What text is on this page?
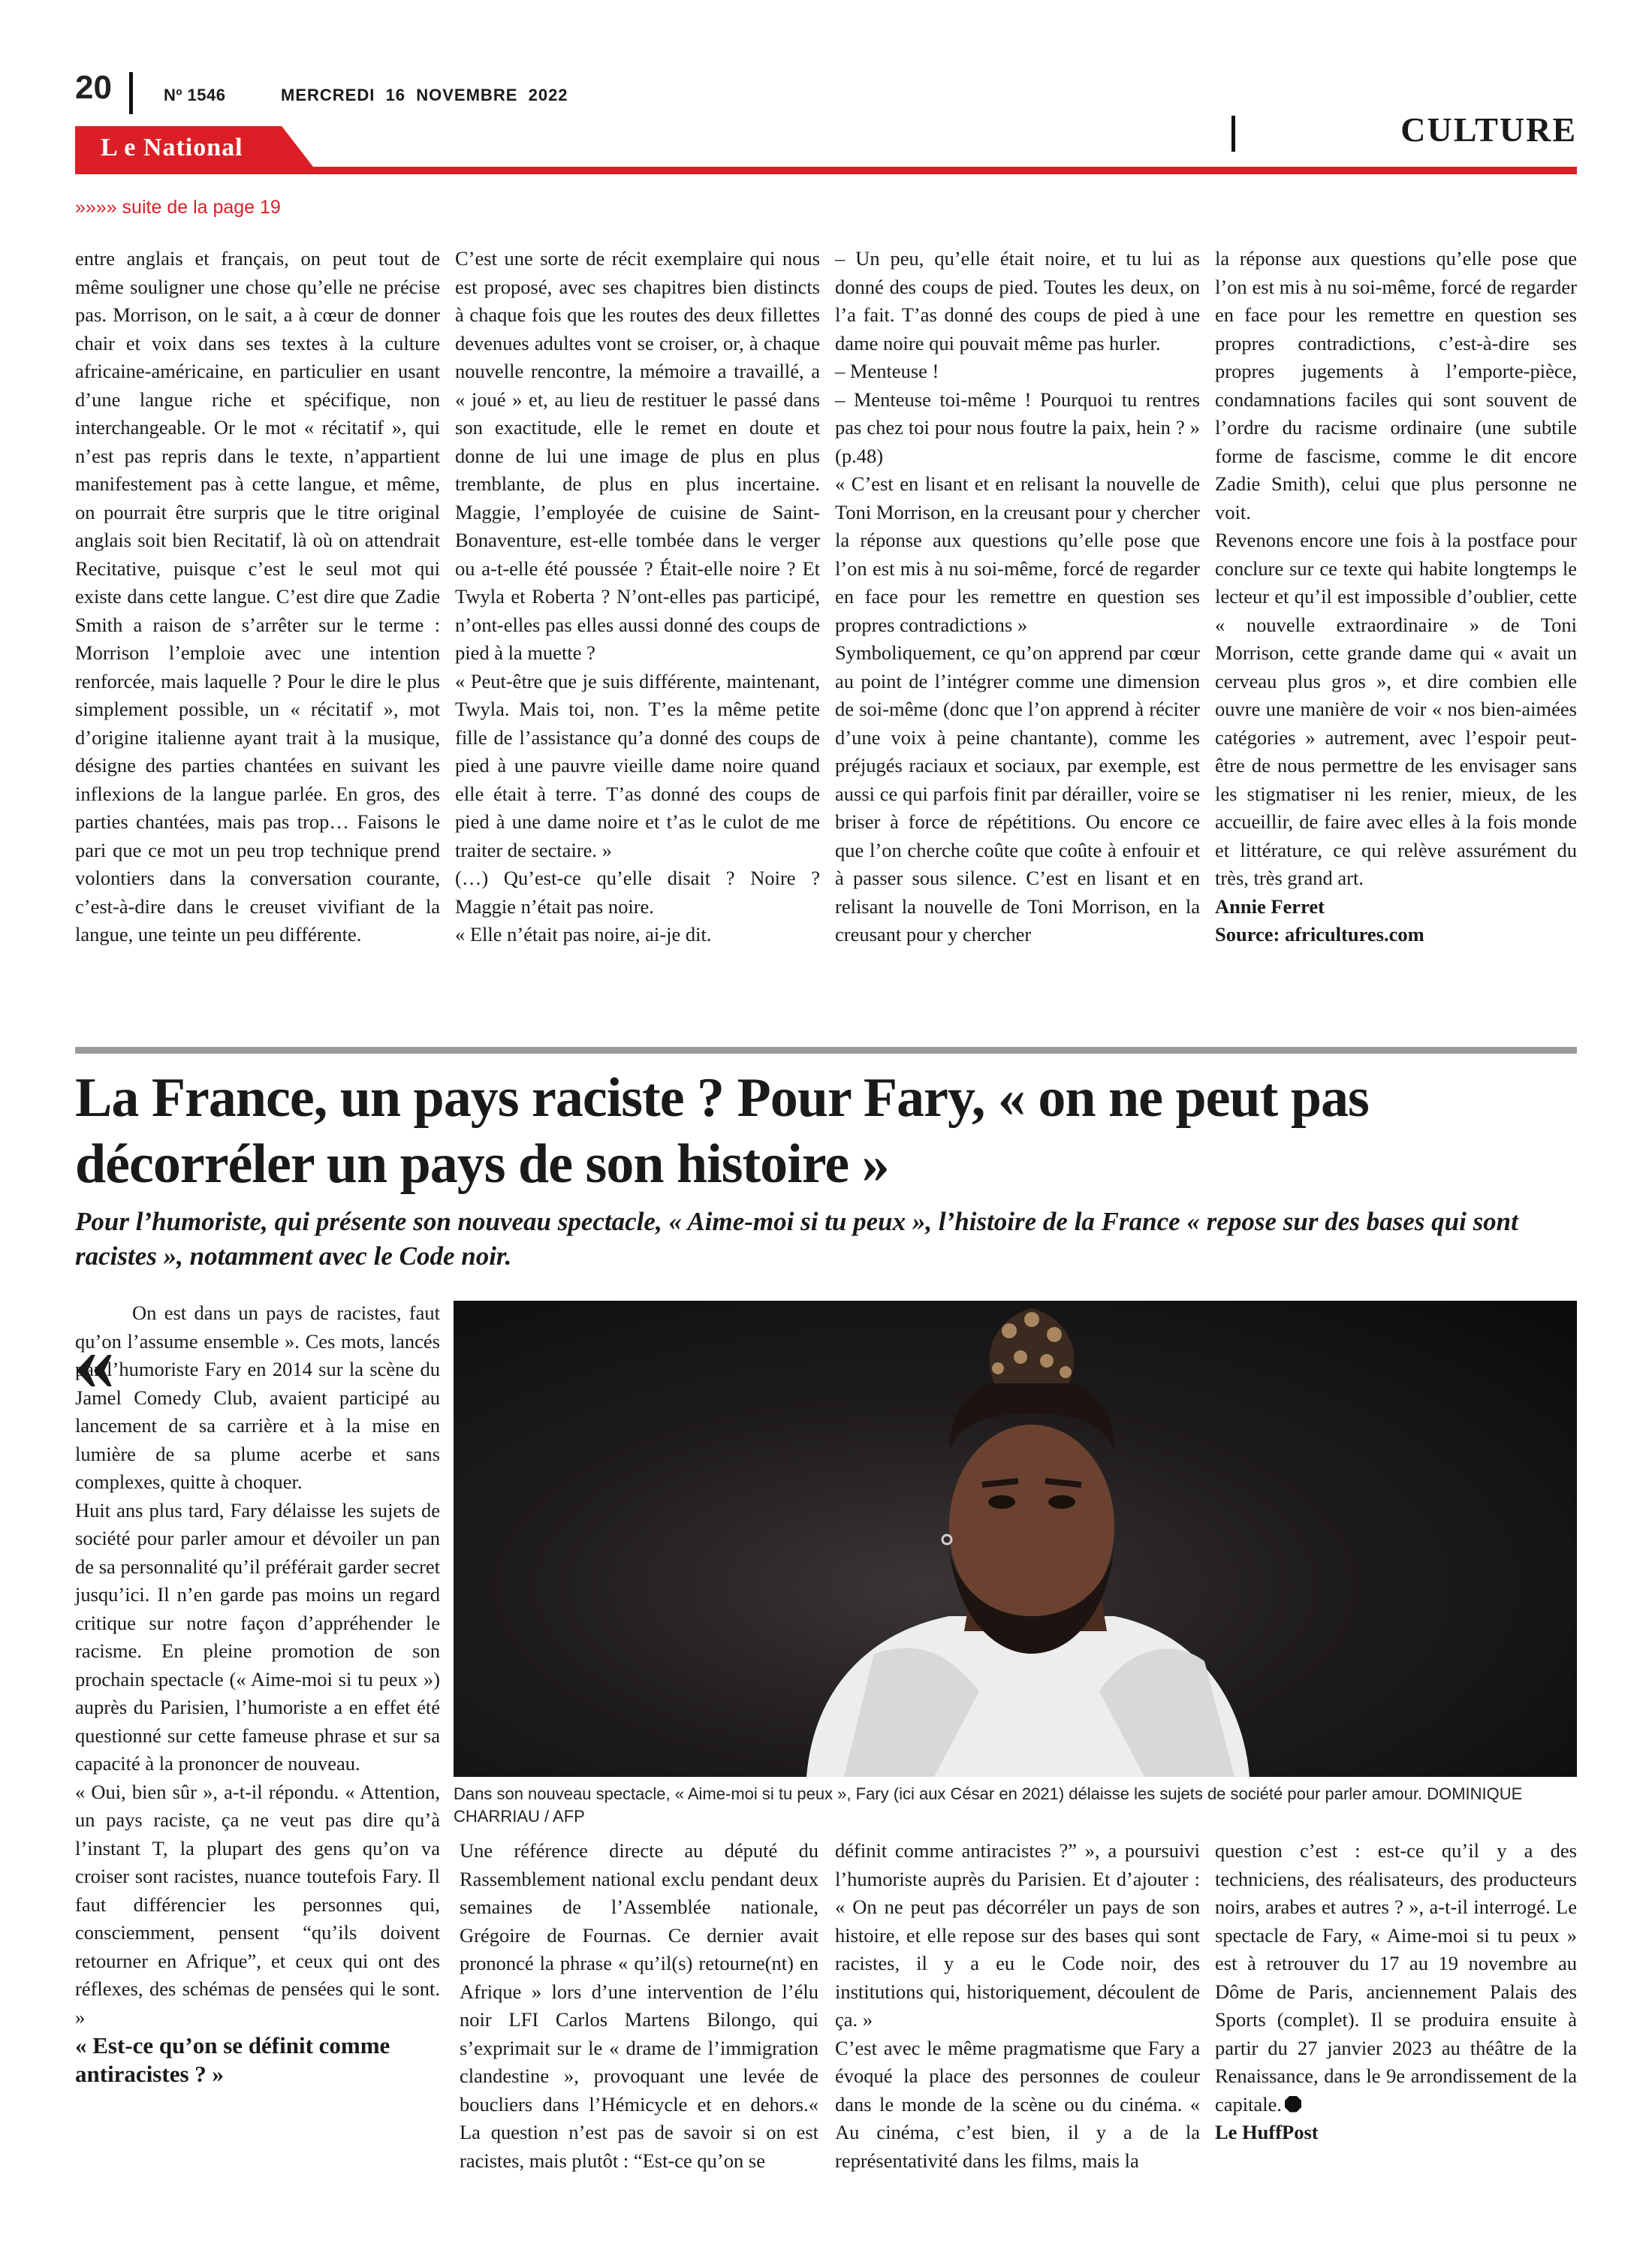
20	Nº 1546	MERCREDI  16  NOVEMBRE  2022
L e National	CULTURE
»»»» suite de la page 19

entre anglais et français, on peut tout de même souligner une chose qu’elle ne précise pas. Morrison, on le sait, a à cœur de donner chair et voix dans ses textes à la culture africaine-américaine, en particulier en usant d’une langue riche et spécifique, non interchangeable. Or le mot « récitatif », qui n’est pas repris dans le texte, n’appartient manifestement pas à cette langue, et même, on pourrait être surpris que le titre original anglais soit bien Recitatif, là où on attendrait Recitative, puisque c’est le seul mot qui existe dans cette langue. C’est dire que Zadie Smith a raison de s’arrêter sur le terme : Morrison l’emploie avec une intention renforcée, mais laquelle ? Pour le dire le plus simplement possible, un « récitatif », mot d’origine italienne ayant trait à la musique, désigne des parties chantées en suivant les inflexions de la langue parlée. En gros, des parties chantées, mais pas trop… Faisons le pari que ce mot un peu trop technique prend volontiers dans la conversation courante, c’est-à-dire dans le creuset vivifiant de la langue, une teinte un peu différente.

C’est une sorte de récit exemplaire qui nous est proposé, avec ses chapitres bien distincts à chaque fois que les routes des deux fillettes devenues adultes vont se croiser, or, à chaque nouvelle rencontre, la mémoire a travaillé, a « joué » et, au lieu de restituer le passé dans son exactitude, elle le remet en doute et donne de lui une image de plus en plus tremblante, de plus en plus incertaine. Maggie, l’employée de cuisine de Saint-Bonaventure, est-elle tombée dans le verger ou a-t-elle été poussée ? Était-elle noire ? Et Twyla et Roberta ? N’ont-elles pas participé, n’ont-elles pas elles aussi donné des coups de pied à la muette ?

« Peut-être que je suis différente, maintenant, Twyla. Mais toi, non. T’es la même petite fille de l’assistance qu’a donné des coups de pied à une pauvre vieille dame noire quand elle était à terre. T’as donné des coups de pied à une dame noire et t’as le culot de me traiter de sectaire. »

(…) Qu’est-ce qu’elle disait ? Noire ? Maggie n’était pas noire.

« Elle n’était pas noire, ai-je dit.

– Un peu, qu’elle était noire, et tu lui as donné des coups de pied. Toutes les deux, on l’a fait. T’as donné des coups de pied à une dame noire qui pouvait même pas hurler.

– Menteuse !

– Menteuse toi-même ! Pourquoi tu rentres pas chez toi pour nous foutre la paix, hein ? » (p.48)

« C’est en lisant et en relisant la nouvelle de Toni Morrison, en la creusant pour y chercher la réponse aux questions qu’elle pose que l’on est mis à nu soi-même, forcé de regarder en face pour les remettre en question ses propres contradictions »

Symboliquement, ce qu’on apprend par cœur au point de l’intégrer comme une dimension de soi-même (donc que l’on apprend à réciter d’une voix à peine chantante), comme les préjugés raciaux et sociaux, par exemple, est aussi ce qui parfois finit par dérailler, voire se briser à force de répétitions. Ou encore ce que l’on cherche coûte que coûte à enfouir et à passer sous silence. C’est en lisant et en relisant la nouvelle de Toni Morrison, en la creusant pour y chercher

la réponse aux questions qu’elle pose que l’on est mis à nu soi-même, forcé de regarder en face pour les remettre en question ses propres contradictions, c’est-à-dire ses propres jugements à l’emporte-pièce, condamnations faciles qui sont souvent de l’ordre du racisme ordinaire (une subtile forme de fascisme, comme le dit encore Zadie Smith), celui que plus personne ne voit.

Revenons encore une fois à la postface pour conclure sur ce texte qui habite longtemps le lecteur et qu’il est impossible d’oublier, cette « nouvelle extraordinaire » de Toni Morrison, cette grande dame qui « avait un cerveau plus gros », et dire combien elle ouvre une manière de voir « nos bien-aimées catégories » autrement, avec l’espoir peut-être de nous permettre de les envisager sans les stigmatiser ni les renier, mieux, de les accueillir, de faire avec elles à la fois monde et littérature, ce qui relève assurément du très, très grand art.

Annie Ferret

Source: africultures.com

La France, un pays raciste ? Pour Fary, « on ne peut pas décorréler un pays de son histoire »
Pour l’humoriste, qui présente son nouveau spectacle, « Aime-moi si tu peux », l’histoire de la France « repose sur des bases qui sont racistes », notamment avec le Code noir.
«

On est dans un pays de racistes, faut qu’on l’assume ensemble ». Ces mots, lancés par l’humoriste Fary en 2014 sur la scène du Jamel Comedy Club, avaient participé au lancement de sa carrière et à la mise en lumière de sa plume acerbe et sans complexes, quitte à choquer.

Huit ans plus tard, Fary délaisse les sujets de société pour parler amour et dévoiler un pan de sa personnalité qu’il préférait garder secret jusqu’ici. Il n’en garde pas moins un regard critique sur notre façon d’appréhender le racisme. En pleine promotion de son prochain spectacle (« Aime-moi si tu peux ») auprès du Parisien, l’humoriste a en effet été questionné sur cette fameuse phrase et sur sa capacité à la prononcer de nouveau.

« Oui, bien sûr », a-t-il répondu. « Attention, un pays raciste, ça ne veut pas dire qu’à l’instant T, la plupart des gens qu’on va croiser sont racistes, nuance toutefois Fary. Il faut différencier les personnes qui, consciemment, pensent “qu’ils doivent retourner en Afrique”, et ceux qui ont des réflexes, des schémas de pensées qui le sont. »

« Est-ce qu’on se définit comme antiracistes ? »

Dans son nouveau spectacle, « Aime-moi si tu peux », Fary (ici aux César en 2021) délaisse les sujets de société pour parler amour. DOMINIQUE CHARRIAU / AFP

Une référence directe au député du Rassemblement national exclu pendant deux semaines de l’Assemblée nationale, Grégoire de Fournas. Ce dernier avait prononcé la phrase « qu’il(s) retourne(nt) en Afrique » lors d’une intervention de l’élu noir LFI Carlos Martens Bilongo, qui s’exprimait sur le « drame de l’immigration clandestine », provoquant une levée de boucliers dans l’Hémicycle et en dehors.« La question n’est pas de savoir si on est racistes, mais plutôt : “Est-ce qu’on se

définit comme antiracistes ?” », a poursuivi l’humoriste auprès du Parisien. Et d’ajouter : « On ne peut pas décorréler un pays de son histoire, et elle repose sur des bases qui sont racistes, il y a eu le Code noir, des institutions qui, historiquement, découlent de ça. »

C’est avec le même pragmatisme que Fary a évoqué la place des personnes de couleur dans le monde de la scène ou du cinéma. « Au cinéma, c’est bien, il y a de la représentativité dans les films, mais la

question c’est : est-ce qu’il y a des techniciens, des réalisateurs, des producteurs noirs, arabes et autres ? », a-t-il interrogé. Le spectacle de Fary, « Aime-moi si tu peux » est à retrouver du 17 au 19 novembre au Dôme de Paris, anciennement Palais des Sports (complet). Il se produira ensuite à partir du 27 janvier 2023 au théâtre de la Renaissance, dans le 9e arrondissement de la capitale.

Le HuffPost
